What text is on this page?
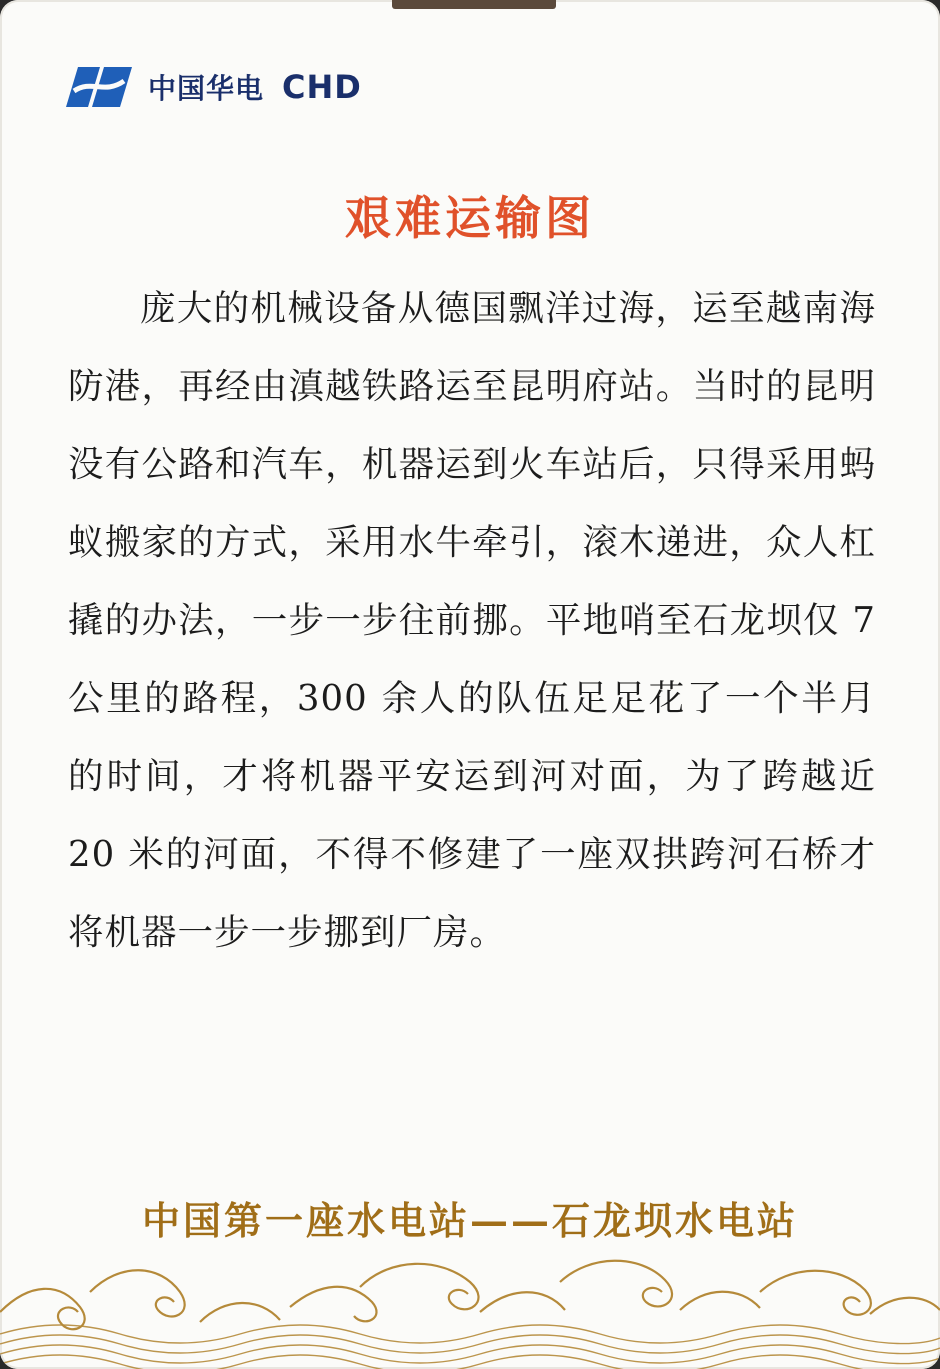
中国华电 CHD
艰难运输图

庞大的机械设备从德国飘洋过海，运至越南海防港，再经由滇越铁路运至昆明府站。当时的昆明没有公路和汽车，机器运到火车站后，只得采用蚂蚁搬家的方式，采用水牛牵引，滚木递进，众人杠撬的办法，一步一步往前挪。平地哨至石龙坝仅 7 公里的路程，300 余人的队伍足足花了一个半月的时间，才将机器平安运到河对面，为了跨越近 20 米的河面，不得不修建了一座双拱跨河石桥才将机器一步一步挪到厂房。

中国第一座水电站——石龙坝水电站
